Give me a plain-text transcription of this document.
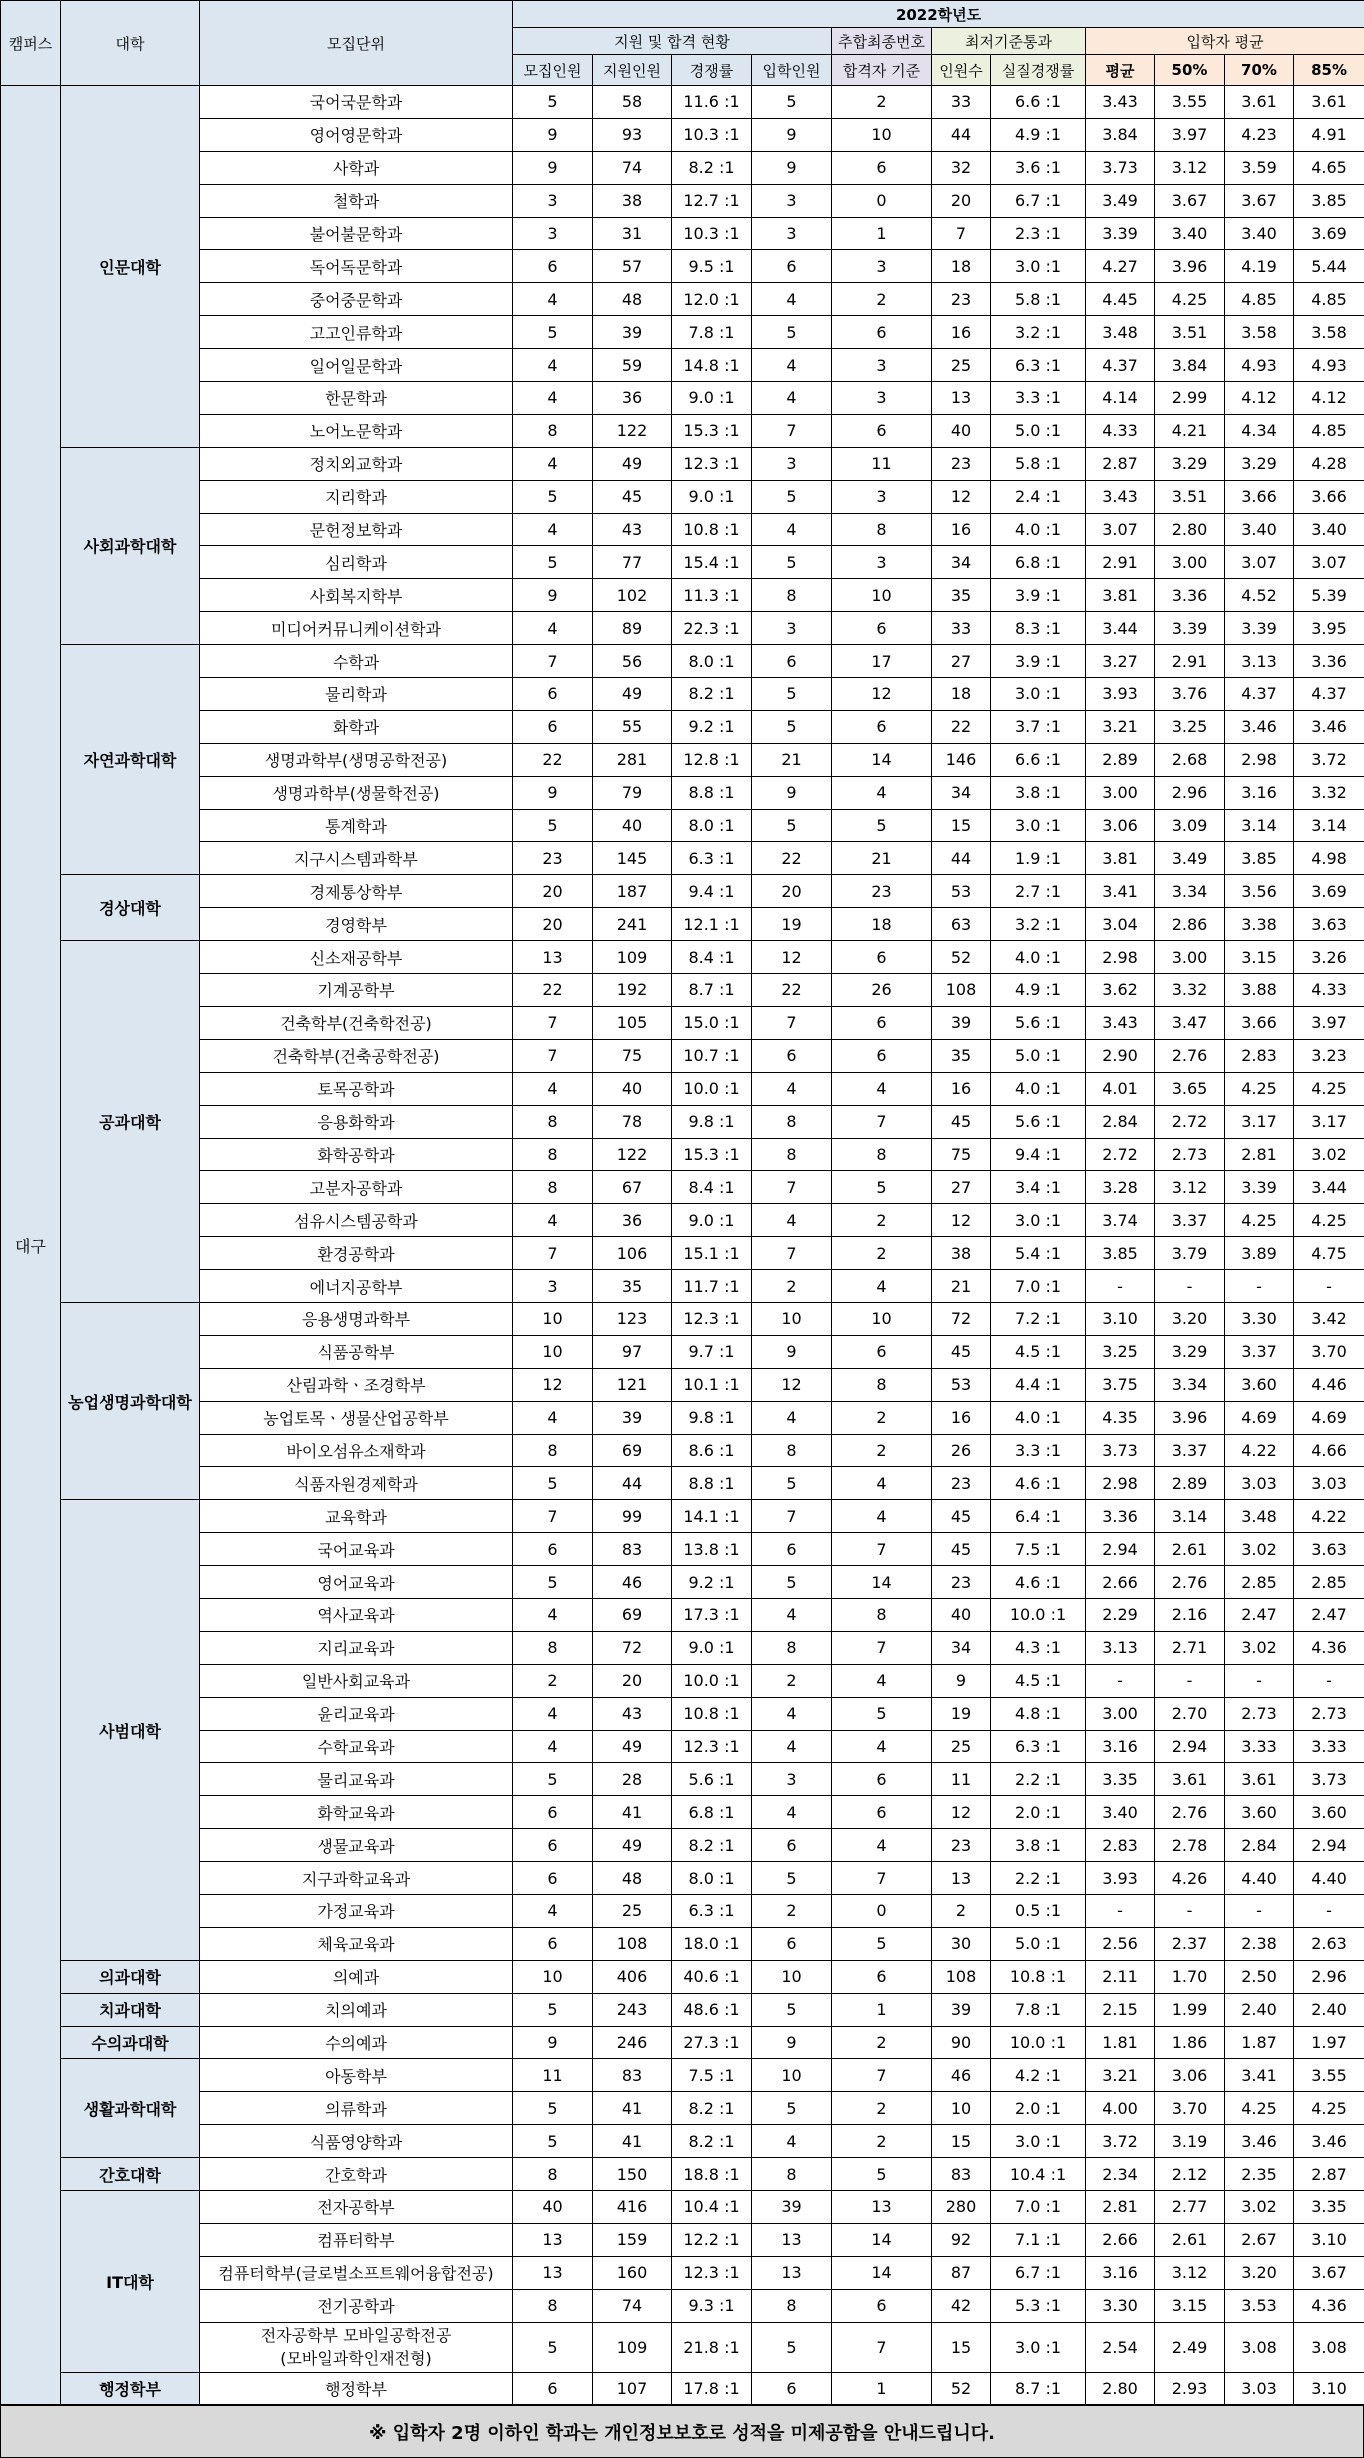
캠퍼스	대학	모집단위	2022학년도										
			지원 및 합격 현황				추합최종번호	최저기준통과		입학자 평균			
			모집인원	지원인원	경쟁률	입학인원	합격자 기준	인원수	실질경쟁률	평균	50%	70%	85%
대구	인문대학	국어국문학과	5	58	11.6 :1	5	2	33	6.6 :1	3.43	3.55	3.61	3.61
		영어영문학과	9	93	10.3 :1	9	10	44	4.9 :1	3.84	3.97	4.23	4.91
		사학과	9	74	8.2 :1	9	6	32	3.6 :1	3.73	3.12	3.59	4.65
		철학과	3	38	12.7 :1	3	0	20	6.7 :1	3.49	3.67	3.67	3.85
		불어불문학과	3	31	10.3 :1	3	1	7	2.3 :1	3.39	3.40	3.40	3.69
		독어독문학과	6	57	9.5 :1	6	3	18	3.0 :1	4.27	3.96	4.19	5.44
		중어중문학과	4	48	12.0 :1	4	2	23	5.8 :1	4.45	4.25	4.85	4.85
		고고인류학과	5	39	7.8 :1	5	6	16	3.2 :1	3.48	3.51	3.58	3.58
		일어일문학과	4	59	14.8 :1	4	3	25	6.3 :1	4.37	3.84	4.93	4.93
		한문학과	4	36	9.0 :1	4	3	13	3.3 :1	4.14	2.99	4.12	4.12
		노어노문학과	8	122	15.3 :1	7	6	40	5.0 :1	4.33	4.21	4.34	4.85
	사회과학대학	정치외교학과	4	49	12.3 :1	3	11	23	5.8 :1	2.87	3.29	3.29	4.28
		지리학과	5	45	9.0 :1	5	3	12	2.4 :1	3.43	3.51	3.66	3.66
		문헌정보학과	4	43	10.8 :1	4	8	16	4.0 :1	3.07	2.80	3.40	3.40
		심리학과	5	77	15.4 :1	5	3	34	6.8 :1	2.91	3.00	3.07	3.07
		사회복지학부	9	102	11.3 :1	8	10	35	3.9 :1	3.81	3.36	4.52	5.39
		미디어커뮤니케이션학과	4	89	22.3 :1	3	6	33	8.3 :1	3.44	3.39	3.39	3.95
	자연과학대학	수학과	7	56	8.0 :1	6	17	27	3.9 :1	3.27	2.91	3.13	3.36
		물리학과	6	49	8.2 :1	5	12	18	3.0 :1	3.93	3.76	4.37	4.37
		화학과	6	55	9.2 :1	5	6	22	3.7 :1	3.21	3.25	3.46	3.46
		생명과학부(생명공학전공)	22	281	12.8 :1	21	14	146	6.6 :1	2.89	2.68	2.98	3.72
		생명과학부(생물학전공)	9	79	8.8 :1	9	4	34	3.8 :1	3.00	2.96	3.16	3.32
		통계학과	5	40	8.0 :1	5	5	15	3.0 :1	3.06	3.09	3.14	3.14
		지구시스템과학부	23	145	6.3 :1	22	21	44	1.9 :1	3.81	3.49	3.85	4.98
	경상대학	경제통상학부	20	187	9.4 :1	20	23	53	2.7 :1	3.41	3.34	3.56	3.69
		경영학부	20	241	12.1 :1	19	18	63	3.2 :1	3.04	2.86	3.38	3.63
	공과대학	신소재공학부	13	109	8.4 :1	12	6	52	4.0 :1	2.98	3.00	3.15	3.26
		기계공학부	22	192	8.7 :1	22	26	108	4.9 :1	3.62	3.32	3.88	4.33
		건축학부(건축학전공)	7	105	15.0 :1	7	6	39	5.6 :1	3.43	3.47	3.66	3.97
		건축학부(건축공학전공)	7	75	10.7 :1	6	6	35	5.0 :1	2.90	2.76	2.83	3.23
		토목공학과	4	40	10.0 :1	4	4	16	4.0 :1	4.01	3.65	4.25	4.25
		응용화학과	8	78	9.8 :1	8	7	45	5.6 :1	2.84	2.72	3.17	3.17
		화학공학과	8	122	15.3 :1	8	8	75	9.4 :1	2.72	2.73	2.81	3.02
		고분자공학과	8	67	8.4 :1	7	5	27	3.4 :1	3.28	3.12	3.39	3.44
		섬유시스템공학과	4	36	9.0 :1	4	2	12	3.0 :1	3.74	3.37	4.25	4.25
		환경공학과	7	106	15.1 :1	7	2	38	5.4 :1	3.85	3.79	3.89	4.75
		에너지공학부	3	35	11.7 :1	2	4	21	7.0 :1	-	-	-	-
	농업생명과학대학	응용생명과학부	10	123	12.3 :1	10	10	72	7.2 :1	3.10	3.20	3.30	3.42
		식품공학부	10	97	9.7 :1	9	6	45	4.5 :1	3.25	3.29	3.37	3.70
		산림과학ㆍ조경학부	12	121	10.1 :1	12	8	53	4.4 :1	3.75	3.34	3.60	4.46
		농업토목ㆍ생물산업공학부	4	39	9.8 :1	4	2	16	4.0 :1	4.35	3.96	4.69	4.69
		바이오섬유소재학과	8	69	8.6 :1	8	2	26	3.3 :1	3.73	3.37	4.22	4.66
		식품자원경제학과	5	44	8.8 :1	5	4	23	4.6 :1	2.98	2.89	3.03	3.03
	사범대학	교육학과	7	99	14.1 :1	7	4	45	6.4 :1	3.36	3.14	3.48	4.22
		국어교육과	6	83	13.8 :1	6	7	45	7.5 :1	2.94	2.61	3.02	3.63
		영어교육과	5	46	9.2 :1	5	14	23	4.6 :1	2.66	2.76	2.85	2.85
		역사교육과	4	69	17.3 :1	4	8	40	10.0 :1	2.29	2.16	2.47	2.47
		지리교육과	8	72	9.0 :1	8	7	34	4.3 :1	3.13	2.71	3.02	4.36
		일반사회교육과	2	20	10.0 :1	2	4	9	4.5 :1	-	-	-	-
		윤리교육과	4	43	10.8 :1	4	5	19	4.8 :1	3.00	2.70	2.73	2.73
		수학교육과	4	49	12.3 :1	4	4	25	6.3 :1	3.16	2.94	3.33	3.33
		물리교육과	5	28	5.6 :1	3	6	11	2.2 :1	3.35	3.61	3.61	3.73
		화학교육과	6	41	6.8 :1	4	6	12	2.0 :1	3.40	2.76	3.60	3.60
		생물교육과	6	49	8.2 :1	6	4	23	3.8 :1	2.83	2.78	2.84	2.94
		지구과학교육과	6	48	8.0 :1	5	7	13	2.2 :1	3.93	4.26	4.40	4.40
		가정교육과	4	25	6.3 :1	2	0	2	0.5 :1	-	-	-	-
		체육교육과	6	108	18.0 :1	6	5	30	5.0 :1	2.56	2.37	2.38	2.63
	의과대학	의예과	10	406	40.6 :1	10	6	108	10.8 :1	2.11	1.70	2.50	2.96
	치과대학	치의예과	5	243	48.6 :1	5	1	39	7.8 :1	2.15	1.99	2.40	2.40
	수의과대학	수의예과	9	246	27.3 :1	9	2	90	10.0 :1	1.81	1.86	1.87	1.97
	생활과학대학	아동학부	11	83	7.5 :1	10	7	46	4.2 :1	3.21	3.06	3.41	3.55
		의류학과	5	41	8.2 :1	5	2	10	2.0 :1	4.00	3.70	4.25	4.25
		식품영양학과	5	41	8.2 :1	4	2	15	3.0 :1	3.72	3.19	3.46	3.46
	간호대학	간호학과	8	150	18.8 :1	8	5	83	10.4 :1	2.34	2.12	2.35	2.87
	IT대학	전자공학부	40	416	10.4 :1	39	13	280	7.0 :1	2.81	2.77	3.02	3.35
		컴퓨터학부	13	159	12.2 :1	13	14	92	7.1 :1	2.66	2.61	2.67	3.10
		컴퓨터학부(글로벌소프트웨어융합전공)	13	160	12.3 :1	13	14	87	6.7 :1	3.16	3.12	3.20	3.67
		전기공학과	8	74	9.3 :1	8	6	42	5.3 :1	3.30	3.15	3.53	4.36
		전자공학부 모바일공학전공
(모바일과학인재전형)	5	109	21.8 :1	5	7	15	3.0 :1	2.54	2.49	3.08	3.08
	행정학부	행정학부	6	107	17.8 :1	6	1	52	8.7 :1	2.80	2.93	3.03	3.10
※ 입학자 2명 이하인 학과는 개인정보보호로 성적을 미제공함을 안내드립니다.
